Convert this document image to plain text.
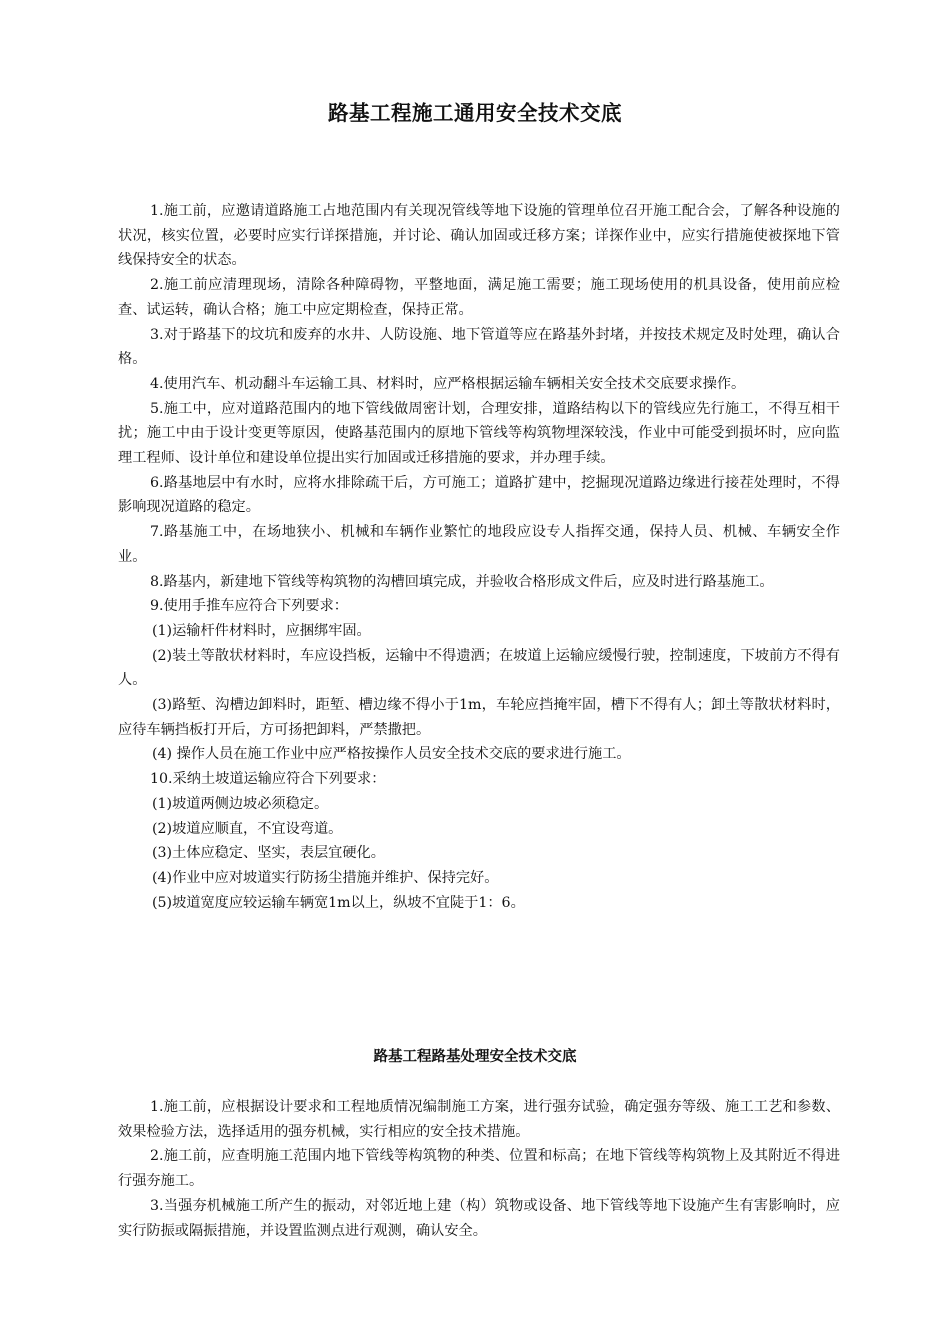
路基工程施工通用安全技术交底

1.施工前，应邀请道路施工占地范围内有关现况管线等地下设施的管理单位召开施工配合会，了解各种设施的状况，核实位置，必要时应实行详探措施，并讨论、确认加固或迁移方案；详探作业中，应实行措施使被探地下管线保持安全的状态。

2.施工前应清理现场，清除各种障碍物，平整地面，满足施工需要；施工现场使用的机具设备，使用前应检查、试运转，确认合格；施工中应定期检查，保持正常。

3.对于路基下的坟坑和废弃的水井、人防设施、地下管道等应在路基外封堵，并按技术规定及时处理，确认合格。

4.使用汽车、机动翻斗车运输工具、材料时，应严格根据运输车辆相关安全技术交底要求操作。

5.施工中，应对道路范围内的地下管线做周密计划，合理安排，道路结构以下的管线应先行施工，不得互相干扰；施工中由于设计变更等原因，使路基范围内的原地下管线等构筑物埋深较浅，作业中可能受到损坏时，应向监理工程师、设计单位和建设单位提出实行加固或迁移措施的要求，并办理手续。

6.路基地层中有水时，应将水排除疏干后，方可施工；道路扩建中，挖掘现况道路边缘进行接茬处理时，不得影响现况道路的稳定。

7.路基施工中，在场地狭小、机械和车辆作业繁忙的地段应设专人指挥交通，保持人员、机械、车辆安全作业。

8.路基内，新建地下管线等构筑物的沟槽回填完成，并验收合格形成文件后，应及时进行路基施工。

9.使用手推车应符合下列要求：

(1)运输杆件材料时，应捆绑牢固。

(2)装土等散状材料时，车应设挡板，运输中不得遗洒；在坡道上运输应缓慢行驶，控制速度，下坡前方不得有人。

(3)路堑、沟槽边卸料时，距堑、槽边缘不得小于1m，车轮应挡掩牢固，槽下不得有人；卸土等散状材料时，应待车辆挡板打开后，方可扬把卸料，严禁撒把。

(4) 操作人员在施工作业中应严格按操作人员安全技术交底的要求进行施工。

10.采纳土坡道运输应符合下列要求：

(1)坡道两侧边坡必须稳定。

(2)坡道应顺直，不宜设弯道。

(3)土体应稳定、坚实，表层宜硬化。

(4)作业中应对坡道实行防扬尘措施并维护、保持完好。

(5)坡道宽度应较运输车辆宽1m以上，纵坡不宜陡于1：6。

路基工程路基处理安全技术交底

1.施工前，应根据设计要求和工程地质情况编制施工方案，进行强夯试验，确定强夯等级、施工工艺和参数、效果检验方法，选择适用的强夯机械，实行相应的安全技术措施。

2.施工前，应查明施工范围内地下管线等构筑物的种类、位置和标高；在地下管线等构筑物上及其附近不得进行强夯施工。

3.当强夯机械施工所产生的振动，对邻近地上建（构）筑物或设备、地下管线等地下设施产生有害影响时，应实行防振或隔振措施，并设置监测点进行观测，确认安全。
